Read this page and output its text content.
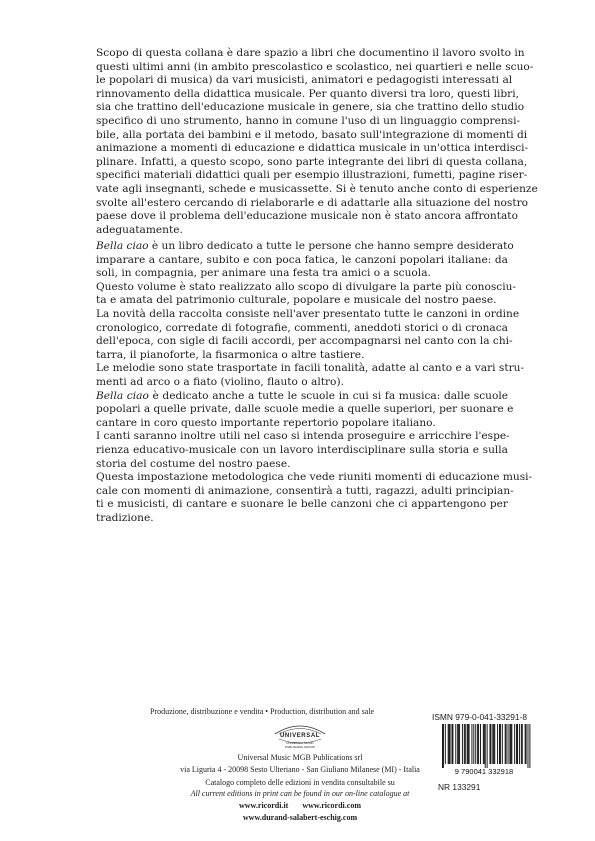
Scopo di questa collana è dare spazio a libri che documentino il lavoro svolto in
questi ultimi anni (in ambito prescolastico e scolastico, nei quartieri e nelle scuo-
le popolari di musica) da vari musicisti, animatori e pedagogisti interessati al
rinnovamento della didattica musicale. Per quanto diversi tra loro, questi libri,
sia che trattino dell'educazione musicale in genere, sia che trattino dello studio
specifico di uno strumento, hanno in comune l'uso di un linguaggio comprensi-
bile, alla portata dei bambini e il metodo, basato sull'integrazione di momenti di
animazione a momenti di educazione e didattica musicale in un'ottica interdisci-
plinare. Infatti, a questo scopo, sono parte integrante dei libri di questa collana,
specifici materiali didattici quali per esempio illustrazioni, fumetti, pagine riser-
vate agli insegnanti, schede e musicassette. Si è tenuto anche conto di esperienze
svolte all'estero cercando di rielaborarle e di adattarle alla situazione del nostro
paese dove il problema dell'educazione musicale non è stato ancora affrontato
adeguatamente.
Bella ciao è un libro dedicato a tutte le persone che hanno sempre desiderato
imparare a cantare, subito e con poca fatica, le canzoni popolari italiane: da
soli, in compagnia, per animare una festa tra amici o a scuola.
Questo volume è stato realizzato allo scopo di divulgare la parte più conosciu-
ta e amata del patrimonio culturale, popolare e musicale del nostro paese.
La novità della raccolta consiste nell'aver presentato tutte le canzoni in ordine
cronologico, corredate di fotografie, commenti, aneddoti storici o di cronaca
dell'epoca, con sigle di facili accordi, per accompagnarsi nel canto con la chi-
tarra, il pianoforte, la fisarmonica o altre tastiere.
Le melodie sono state trasportate in facili tonalità, adatte al canto e a vari stru-
menti ad arco o a fiato (violino, flauto o altro).
Bella ciao è dedicato anche a tutte le scuole in cui si fa musica: dalle scuole
popolari a quelle private, dalle scuole medie a quelle superiori, per suonare e
cantare in coro questo importante repertorio popolare italiano.
I canti saranno inoltre utili nel caso si intenda proseguire e arricchire l'espe-
rienza educativo-musicale con un lavoro interdisciplinare sulla storia e sulla
storia del costume del nostro paese.
Questa impostazione metodologica che vede riuniti momenti di educazione musi-
cale con momenti di animazione, consentirà a tutti, ragazzi, adulti principian-
ti e musicisti, di cantare e suonare le belle canzoni che ci appartengono per
tradizione.
Produzione, distribuzione e vendita • Production, distribution and sale
UNIVERSAL
UNIVERSAL MUSIC
PUBLISHING GROUP
Universal Music MGB Publications srl
via Liguria 4 - 20098 Sesto Ulteriano - San Giuliano Milanese (MI) - Italia
Catalogo completo delle edizioni in vendita consultabile su
All current editions in print can be found in our on-line catalogue at
www.ricordi.it www.ricordi.com
www.durand-salabert-eschig.com
ISMN 979-0-041-33291-8
9 790041 332918
NR 133291
